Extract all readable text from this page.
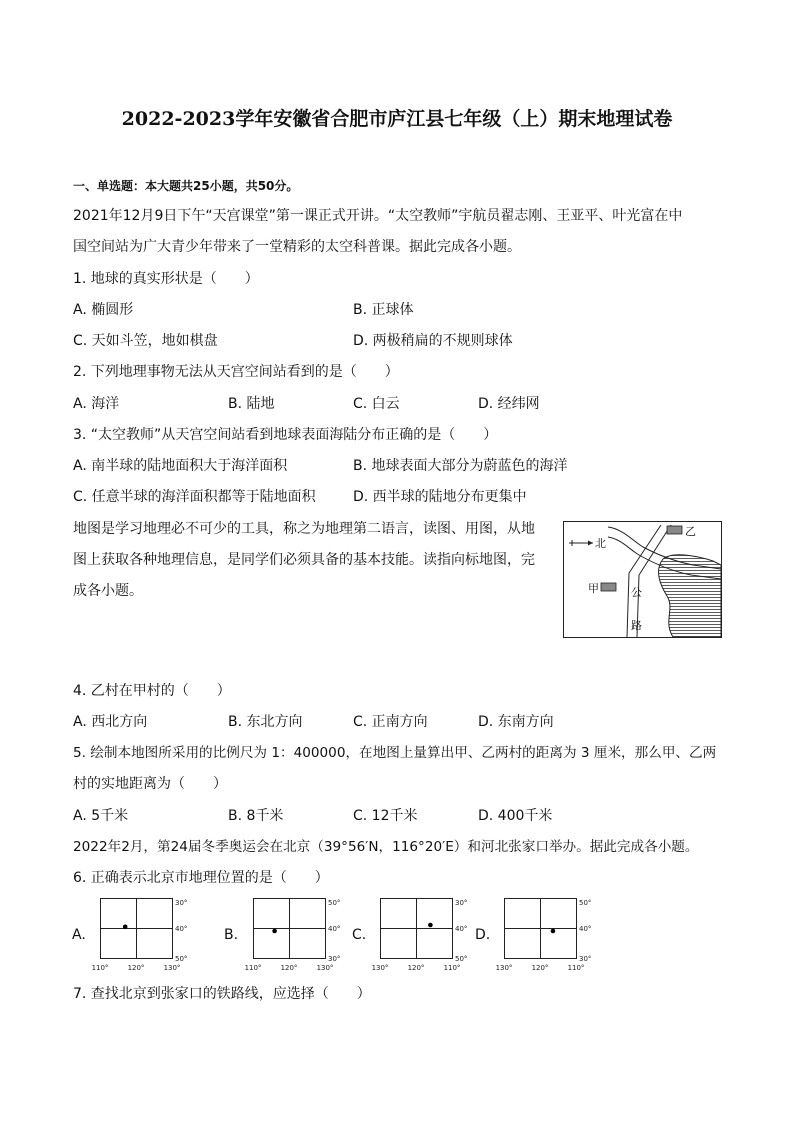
2022-2023学年安徽省合肥市庐江县七年级（上）期末地理试卷
一、单选题：本大题共25小题，共50分。
2021年12月9日下午“天宫课堂”第一课正式开讲。“太空教师”宇航员翟志刚、王亚平、叶光富在中
国空间站为广大青少年带来了一堂精彩的太空科普课。据此完成各小题。
1. 地球的真实形状是（　　）
A. 椭圆形	B. 正球体
C. 天如斗笠，地如棋盘	D. 两极稍扁的不规则球体
2. 下列地理事物无法从天宫空间站看到的是（　　）
A. 海洋	B. 陆地	C. 白云	D. 经纬网
3. “太空教师”从天宫空间站看到地球表面海陆分布正确的是（　　）
A. 南半球的陆地面积大于海洋面积	B. 地球表面大部分为蔚蓝色的海洋
C. 任意半球的海洋面积都等于陆地面积	D. 西半球的陆地分布更集中
地图是学习地理必不可少的工具，称之为地理第二语言，读图、用图，从地
图上获取各种地理信息，是同学们必须具备的基本技能。读指向标地图，完
成各小题。
北
乙
甲	公
路
4. 乙村在甲村的（　　）
A. 西北方向	B. 东北方向	C. 正南方向	D. 东南方向
5. 绘制本地图所采用的比例尺为 1：400000，在地图上量算出甲、乙两村的距离为 3 厘米，那么甲、乙两
村的实地距离为（　　）
A. 5千米	B. 8千米	C. 12千米	D. 400千米
2022年2月，第24届冬季奥运会在北京（39°56′N，116°20′E）和河北张家口举办。据此完成各小题。
6. 正确表示北京市地理位置的是（　　）
A.
30°
40°
50°
110°	120°	130°
B.
50°
40°
30°
110°	120°	130°
C.
30°
40°
50°
130°	120°	110°
D.
50°
40°
30°
130°	120°	110°
7. 查找北京到张家口的铁路线，应选择（　　）
